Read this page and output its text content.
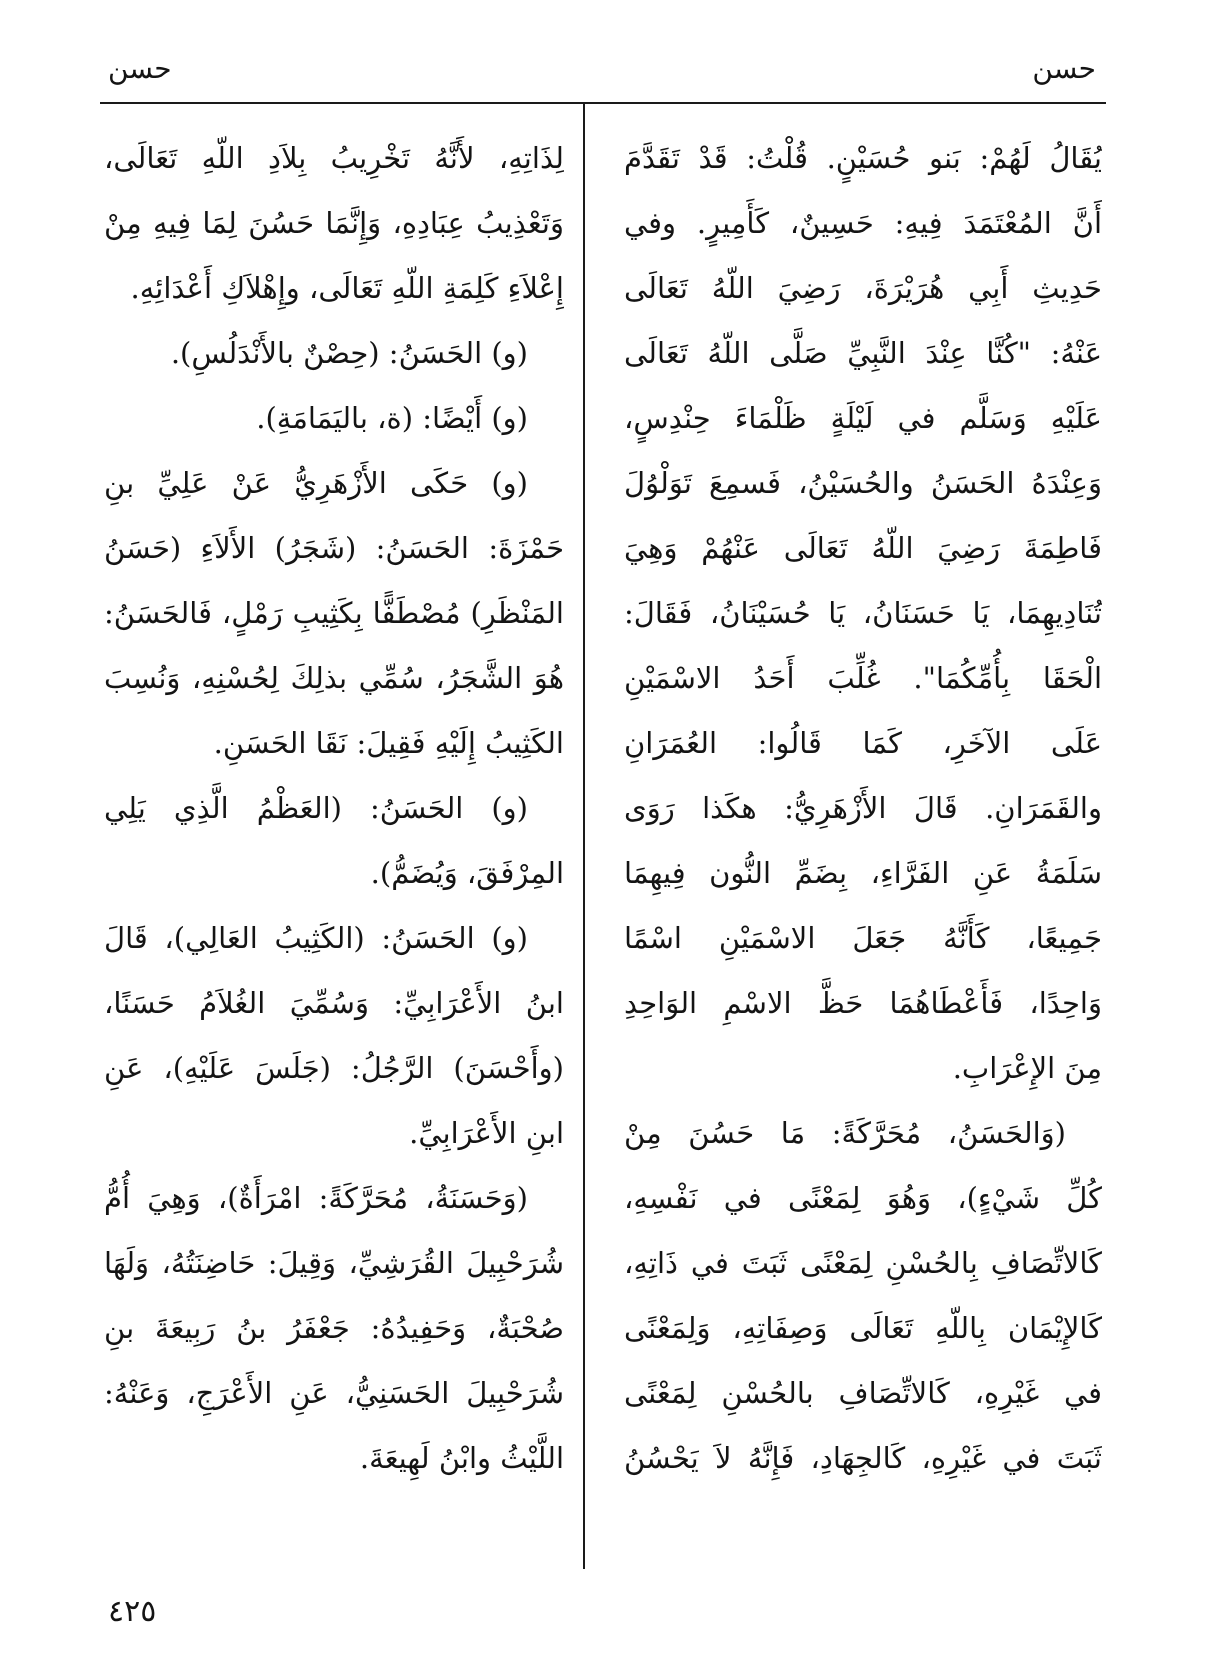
حسن	حسن
يُقَالُ لَهُمْ: بَنو حُسَيْنٍ. قُلْتُ: قَدْ تَقَدَّمَ
أَنَّ المُعْتَمَدَ فِيهِ: حَسِينٌ، كَأَمِيرٍ. وفي
حَدِيثِ أَبِي هُرَيْرَةَ، رَضِيَ اللّهُ تَعَالَى
عَنْهُ: "كُنَّا عِنْدَ النَّبِيِّ صَلَّى اللّهُ تَعَالَى
عَلَيْهِ وَسَلَّم في لَيْلَةٍ ظَلْمَاءَ حِنْدِسٍ،
وَعِنْدَهُ الحَسَنُ والحُسَيْنُ، فَسمِعَ تَوَلْوُلَ
فَاطِمَةَ رَضِيَ اللّهُ تَعَالَى عَنْهُمْ وَهِيَ
تُنَادِيهِمَا، يَا حَسَنَانُ، يَا حُسَيْنَانُ، فَقَالَ:
الْحَقَا بِأُمِّكُمَا". غُلِّبَ أَحَدُ الاسْمَيْنِ
عَلَى الآخَرِ، كَمَا قَالُوا: العُمَرَانِ
والقَمَرَانِ. قَالَ الأَزْهَرِيُّ: هكَذا رَوَى
سَلَمَةُ عَنِ الفَرَّاءِ، بِضَمِّ النُّون فِيهِمَا
جَمِيعًا، كَأَنَّهُ جَعَلَ الاسْمَيْنِ اسْمًا
وَاحِدًا، فَأَعْطَاهُمَا حَظَّ الاسْمِ الوَاحِدِ
مِنَ الإِعْرَابِ.
(وَالحَسَنُ، مُحَرَّكَةً: مَا حَسُنَ مِنْ
كُلِّ شَيْءٍ)، وَهُوَ لِمَعْنًى في نَفْسِهِ،
كَالاتِّصَافِ بِالحُسْنِ لِمَعْنًى ثَبَتَ في ذَاتِهِ،
كَالإِيْمَان بِاللّهِ تَعَالَى وَصِفَاتِهِ، وَلِمَعْنًى
في غَيْرِهِ، كَالاتِّصَافِ بالحُسْنِ لِمَعْنًى
ثَبَتَ في غَيْرِهِ، كَالجِهَادِ، فَإِنَّهُ لاَ يَحْسُنُ
لِذَاتِهِ، لأَنَّهُ تَخْرِيبُ بِلاَدِ اللّهِ تَعَالَى،
وَتَعْذِيبُ عِبَادِهِ، وَإِنَّمَا حَسُنَ لِمَا فِيهِ مِنْ
إِعْلاَءِ كَلِمَةِ اللّهِ تَعَالَى، وإِهْلاَكِ أَعْدَائِهِ.
(و) الحَسَنُ: (حِصْنٌ بالأَنْدَلُسِ).
(و) أَيْضًا: (ة، باليَمَامَةِ).
(و) حَكَى الأَزْهَرِيُّ عَنْ عَلِيِّ بنِ
حَمْزَةَ: الحَسَنُ: (شَجَرُ) الأَلاَءِ (حَسَنُ
المَنْظَرِ) مُصْطَفًّا بِكَثِيبِ رَمْلٍ، فَالحَسَنُ:
هُوَ الشَّجَرُ، سُمِّي بذلِكَ لِحُسْنِهِ، وَنُسِبَ
الكَثِيبُ إِلَيْهِ فَقِيلَ: نَقَا الحَسَنِ.
(و) الحَسَنُ: (العَظْمُ الَّذِي يَلِي
المِرْفَقَ، وَيُضَمُّ).
(و) الحَسَنُ: (الكَثِيبُ العَالِي)، قَالَ
ابنُ الأَعْرَابِيِّ: وَسُمِّيَ الغُلاَمُ حَسَنًا،
(وأَحْسَنَ) الرَّجُلُ: (جَلَسَ عَلَيْهِ)، عَنِ
ابنِ الأَعْرَابِيِّ.
(وَحَسَنَةُ، مُحَرَّكَةً: امْرَأَةٌ)، وَهِيَ أُمُّ
شُرَحْبِيلَ القُرَشِيِّ، وَقِيلَ: حَاضِنَتُهُ، وَلَهَا
صُحْبَةٌ، وَحَفِيدُهُ: جَعْفَرُ بنُ رَبِيعَةَ بنِ
شُرَحْبِيلَ الحَسَنِيُّ، عَنِ الأَعْرَجِ، وَعَنْهُ:
اللَّيْثُ وابْنُ لَهِيعَةَ.
٤٢٥
